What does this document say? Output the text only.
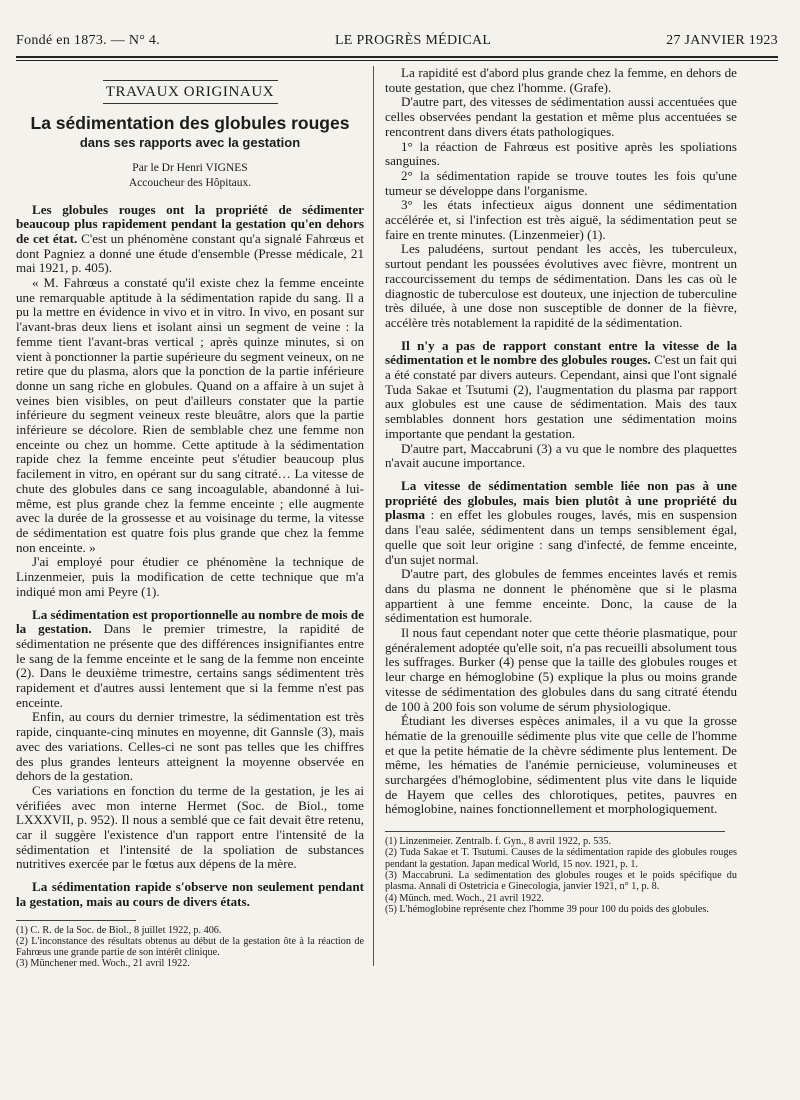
Fondé en 1873. — N° 4.	LE PROGRÈS MÉDICAL	27 JANVIER 1923
TRAVAUX ORIGINAUX
La sédimentation des globules rouges
dans ses rapports avec la gestation
Par le Dr Henri VIGNES
Accoucheur des Hôpitaux.

Les globules rouges ont la propriété de sédimenter beaucoup plus rapidement pendant la gestation qu'en dehors de cet état. C'est un phénomène constant qu'a signalé Fahrœus et dont Pagniez a donné une étude d'ensemble (Presse médicale, 21 mai 1921, p. 405).

« M. Fahrœus a constaté qu'il existe chez la femme enceinte une remarquable aptitude à la sédimentation rapide du sang. Il a pu la mettre en évidence in vivo et in vitro. In vivo, en posant sur l'avant-bras deux liens et isolant ainsi un segment de veine : la femme tient l'avant-bras vertical ; après quinze minutes, si on vient à ponctionner la partie supérieure du segment veineux, on ne retire que du plasma, alors que la ponction de la partie inférieure donne un sang riche en globules. Quand on a affaire à un sujet à veines bien visibles, on peut d'ailleurs constater que la partie inférieure du segment veineux reste bleuâtre, alors que la partie inférieure se décolore. Rien de semblable chez une femme non enceinte ou chez un homme. Cette aptitude à la sédimentation rapide chez la femme enceinte peut s'étudier beaucoup plus facilement in vitro, en opérant sur du sang citraté… La vitesse de chute des globules dans ce sang incoagulable, abandonné à lui-même, est plus grande chez la femme enceinte ; elle augmente avec la durée de la grossesse et au voisinage du terme, la vitesse de sédimentation est quatre fois plus grande que chez la femme non enceinte. »

J'ai employé pour étudier ce phénomène la technique de Linzenmeier, puis la modification de cette technique que m'a indiqué mon ami Peyre (1).

La sédimentation est proportionnelle au nombre de mois de la gestation. Dans le premier trimestre, la rapidité de sédimentation ne présente que des différences insignifiantes entre le sang de la femme enceinte et le sang de la femme non enceinte (2). Dans le deuxième trimestre, certains sangs sédimentent très rapidement et d'autres aussi lentement que si la femme n'est pas enceinte.

Enfin, au cours du dernier trimestre, la sédimentation est très rapide, cinquante-cinq minutes en moyenne, dit Gannsle (3), mais avec des variations. Celles-ci ne sont pas telles que les chiffres des plus grandes lenteurs atteignent la moyenne observée en dehors de la gestation.

Ces variations en fonction du terme de la gestation, je les ai vérifiées avec mon interne Hermet (Soc. de Biol., tome LXXXVII, p. 952). Il nous a semblé que ce fait devait être retenu, car il suggère l'existence d'un rapport entre l'intensité de la sédimentation et l'intensité de la spoliation de substances nutritives exercée par le fœtus aux dépens de la mère.

La sédimentation rapide s'observe non seulement pendant la gestation, mais au cours de divers états.

(1) C. R. de la Soc. de Biol., 8 juillet 1922, p. 406.

(2) L'inconstance des résultats obtenus au début de la gestation ôte à la réaction de Fahrœus une grande partie de son intérêt clinique.

(3) Münchener med. Woch., 21 avril 1922.

La rapidité est d'abord plus grande chez la femme, en dehors de toute gestation, que chez l'homme. (Grafe).

D'autre part, des vitesses de sédimentation aussi accentuées que celles observées pendant la gestation et même plus accentuées se rencontrent dans divers états pathologiques.

1° la réaction de Fahrœus est positive après les spoliations sanguines.

2° la sédimentation rapide se trouve toutes les fois qu'une tumeur se développe dans l'organisme.

3° les états infectieux aigus donnent une sédimentation accélérée et, si l'infection est très aiguë, la sédimentation peut se faire en trente minutes. (Linzenmeier) (1).

Les paludéens, surtout pendant les accès, les tuberculeux, surtout pendant les poussées évolutives avec fièvre, montrent un raccourcissement du temps de sédimentation. Dans les cas où le diagnostic de tuberculose est douteux, une injection de tuberculine très diluée, à une dose non susceptible de donner de la fièvre, accélère très notablement la rapidité de la sédimentation.

Il n'y a pas de rapport constant entre la vitesse de la sédimentation et le nombre des globules rouges. C'est un fait qui a été constaté par divers auteurs. Cependant, ainsi que l'ont signalé Tuda Sakae et Tsutumi (2), l'augmentation du plasma par rapport aux globules est une cause de sédimentation. Mais des taux semblables donnent hors gestation une sédimentation moins importante que pendant la gestation.

D'autre part, Maccabruni (3) a vu que le nombre des plaquettes n'avait aucune importance.

La vitesse de sédimentation semble liée non pas à une propriété des globules, mais bien plutôt à une propriété du plasma : en effet les globules rouges, lavés, mis en suspension dans l'eau salée, sédimentent dans un temps sensiblement égal, quelle que soit leur origine : sang d'infecté, de femme enceinte, d'un sujet normal.

D'autre part, des globules de femmes enceintes lavés et remis dans du plasma ne donnent le phénomène que si le plasma appartient à une femme enceinte. Donc, la cause de la sédimentation est humorale.

Il nous faut cependant noter que cette théorie plasmatique, pour généralement adoptée qu'elle soit, n'a pas recueilli absolument tous les suffrages. Burker (4) pense que la taille des globules rouges et leur charge en hémoglobine (5) explique la plus ou moins grande vitesse de sédimentation des globules dans du sang citraté étendu de 100 à 200 fois son volume de sérum physiologique.

Étudiant les diverses espèces animales, il a vu que la grosse hématie de la grenouille sédimente plus vite que celle de l'homme et que la petite hématie de la chèvre sédimente plus lentement. De même, les hématies de l'anémie pernicieuse, volumineuses et surchargées d'hémoglobine, sédimentent plus vite dans le liquide de Hayem que celles des chlorotiques, petites, pauvres en hémoglobine, naines fonctionnellement et morphologiquement.

(1) Linzenmeier. Zentralb. f. Gyn., 8 avril 1922, p. 535.

(2) Tuda Sakae et T. Tsutumi. Causes de la sédimentation rapide des globules rouges pendant la gestation. Japan medical World, 15 nov. 1921, p. 1.

(3) Maccabruni. La sedimentation des globules rouges et le poids spécifique du plasma. Annali di Ostetricia e Ginecologia, janvier 1921, n° 1, p. 8.

(4) Münch. med. Woch., 21 avril 1922.

(5) L'hémoglobine représente chez l'homme 39 pour 100 du poids des globules.
